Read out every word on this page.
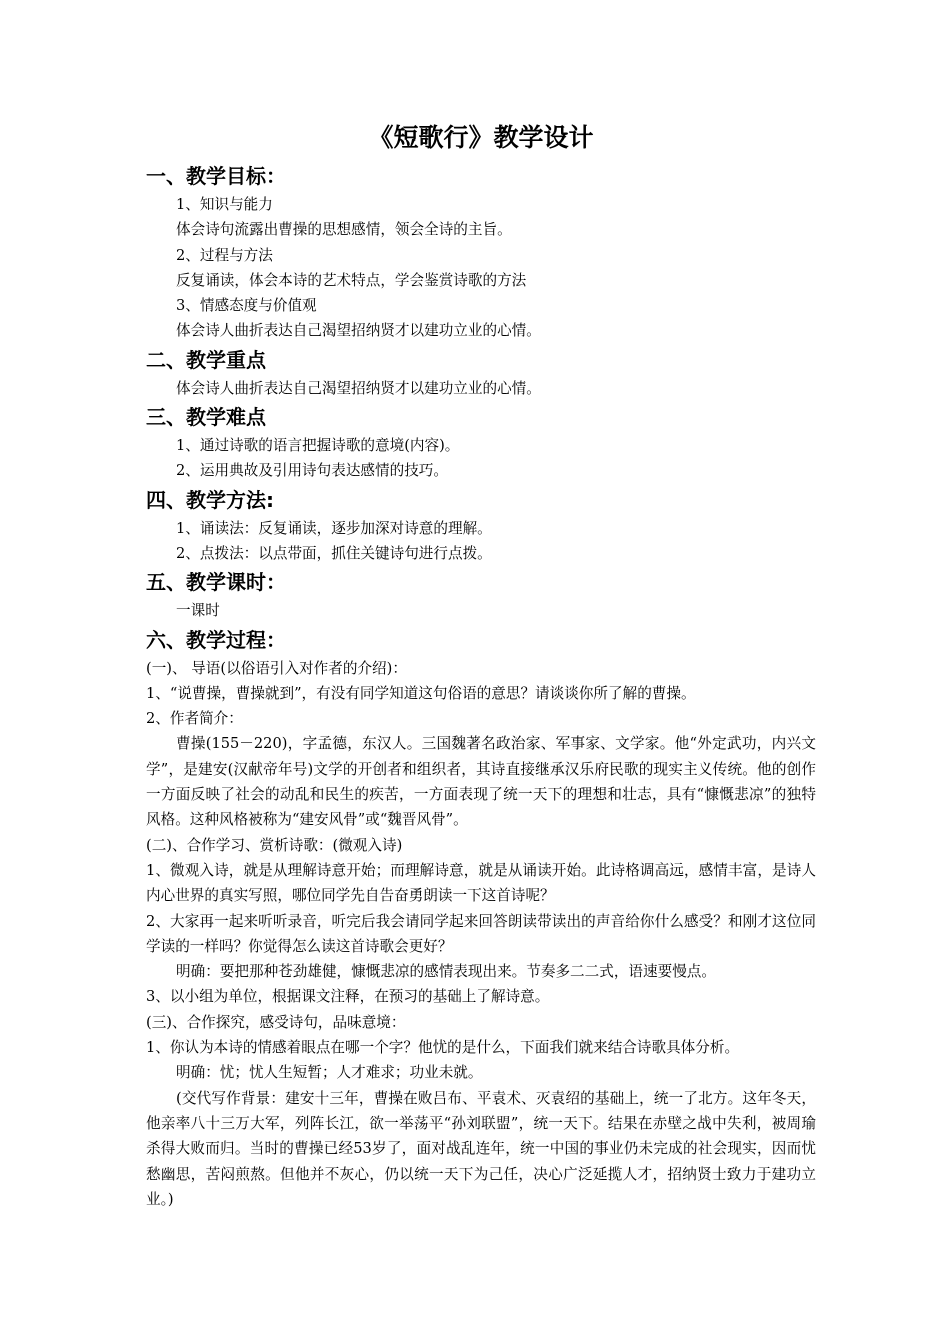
《短歌行》教学设计
一、教学目标：
1、知识与能力
体会诗句流露出曹操的思想感情，领会全诗的主旨。
2、过程与方法
反复诵读，体会本诗的艺术特点，学会鉴赏诗歌的方法
3、情感态度与价值观
体会诗人曲折表达自己渴望招纳贤才以建功立业的心情。
二、教学重点
体会诗人曲折表达自己渴望招纳贤才以建功立业的心情。
三、教学难点
1、通过诗歌的语言把握诗歌的意境(内容)。
2、运用典故及引用诗句表达感情的技巧。
四、教学方法:
1、诵读法：反复诵读，逐步加深对诗意的理解。
2、点拨法：以点带面，抓住关键诗句进行点拨。
五、教学课时：
一课时
六、教学过程：
(一)、 导语(以俗语引入对作者的介绍)：
1、“说曹操，曹操就到”，有没有同学知道这句俗语的意思？请谈谈你所了解的曹操。
2、作者简介：
曹操(155－220)，字孟德，东汉人。三国魏著名政治家、军事家、文学家。他“外定武功，内兴文学”，是建安(汉献帝年号)文学的开创者和组织者，其诗直接继承汉乐府民歌的现实主义传统。他的创作一方面反映了社会的动乱和民生的疾苦，一方面表现了统一天下的理想和壮志，具有“慷慨悲凉”的独特风格。这种风格被称为“建安风骨”或“魏晋风骨”。
(二)、合作学习、赏析诗歌：(微观入诗)
1、微观入诗，就是从理解诗意开始；而理解诗意，就是从诵读开始。此诗格调高远，感情丰富，是诗人内心世界的真实写照，哪位同学先自告奋勇朗读一下这首诗呢？
2、大家再一起来听听录音，听完后我会请同学起来回答朗读带读出的声音给你什么感受？和刚才这位同学读的一样吗？你觉得怎么读这首诗歌会更好？
明确：要把那种苍劲雄健，慷慨悲凉的感情表现出来。节奏多二二式，语速要慢点。
3、以小组为单位，根据课文注释，在预习的基础上了解诗意。
(三)、合作探究，感受诗句，品味意境：
1、你认为本诗的情感着眼点在哪一个字？他忧的是什么，下面我们就来结合诗歌具体分析。
明确：忧；忧人生短暂；人才难求；功业未就。
(交代写作背景：建安十三年，曹操在败吕布、平袁术、灭袁绍的基础上，统一了北方。这年冬天，他亲率八十三万大军，列阵长江，欲一举荡平“孙刘联盟”，统一天下。结果在赤壁之战中失利，被周瑜杀得大败而归。当时的曹操已经53岁了，面对战乱连年，统一中国的事业仍未完成的社会现实，因而忧愁幽思，苦闷煎熬。但他并不灰心，仍以统一天下为己任，决心广泛延揽人才，招纳贤士致力于建功立业。)
